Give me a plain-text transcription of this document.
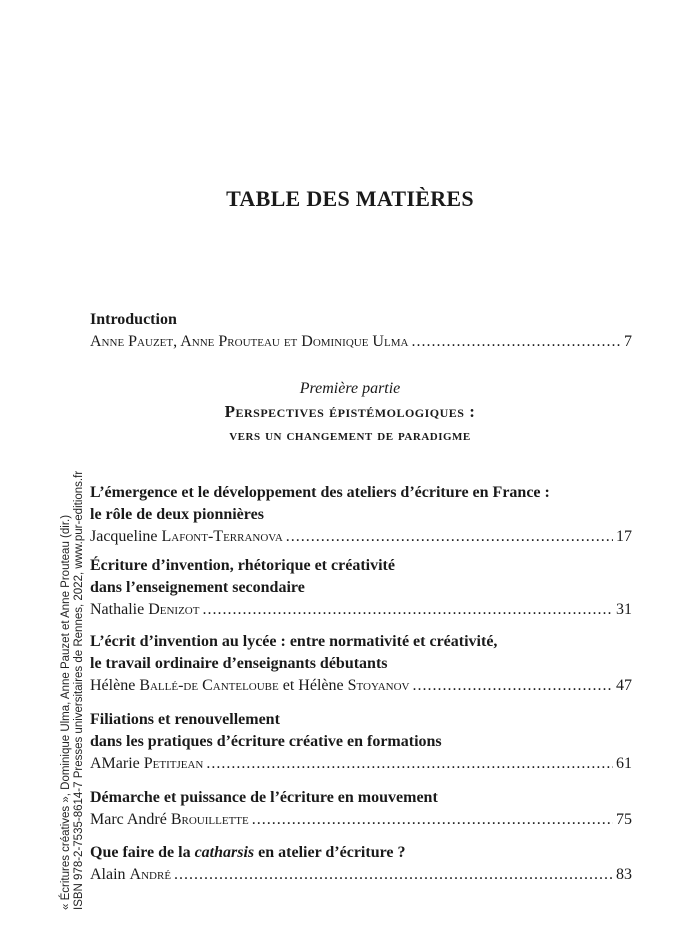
TABLE DES MATIÈRES
Introduction
Anne Pauzet, Anne Prouteau et Dominique Ulma .....	7
Première partie
Perspectives épistémologiques :
vers un changement de paradigme
L’émergence et le développement des ateliers d’écriture en France :
le rôle de deux pionnières
Jacqueline Lafont-Terranova .....	17
Écriture d’invention, rhétorique et créativité
dans l’enseignement secondaire
Nathalie Denizot .....	31
L’écrit d’invention au lycée : entre normativité et créativité,
le travail ordinaire d’enseignants débutants
Hélène Ballé-de Canteloube et Hélène Stoyanov .....	47
Filiations et renouvellement
dans les pratiques d’écriture créative en formations
AMarie Petitjean .....	61
Démarche et puissance de l’écriture en mouvement
Marc André Brouillette .....	75
Que faire de la catharsis en atelier d’écriture ?
Alain André .....	83
« Écritures créatives », Dominique Ulma, Anne Pauzet et Anne Prouteau (dir.) ISBN 978-2-7535-8614-7 Presses universitaires de Rennes, 2022, www.pur-editions.fr
